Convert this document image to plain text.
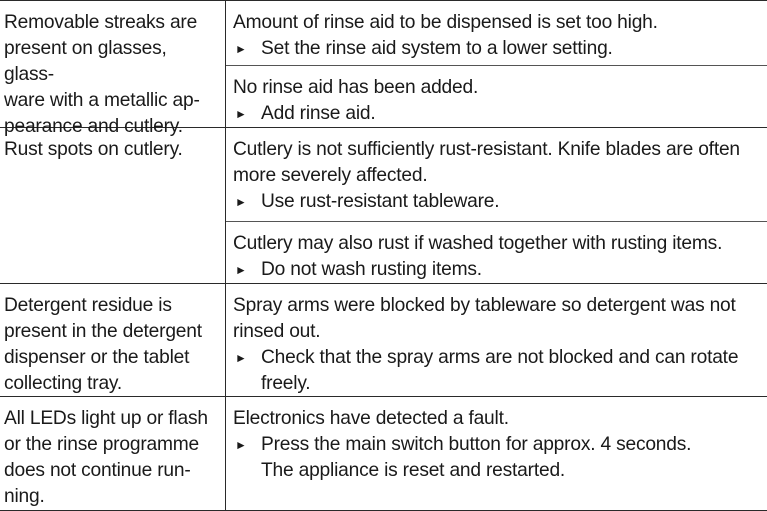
Removable streaks are
present on glasses, glass-
ware with a metallic ap-
pearance and cutlery.
Amount of rinse aid to be dispensed is set too high.
► Set the rinse aid system to a lower setting.
No rinse aid has been added.
► Add rinse aid.
Rust spots on cutlery.	Cutlery is not sufficiently rust-resistant. Knife blades are often more severely affected.
► Use rust-resistant tableware.
Cutlery may also rust if washed together with rusting items.
► Do not wash rusting items.
Detergent residue is
present in the detergent
dispenser or the tablet
collecting tray.
Spray arms were blocked by tableware so detergent was not rinsed out.
► Check that the spray arms are not blocked and can rotate
freely.
All LEDs light up or flash
or the rinse programme
does not continue run-
ning.
Electronics have detected a fault.
► Press the main switch button for approx. 4 seconds.
The appliance is reset and restarted.
